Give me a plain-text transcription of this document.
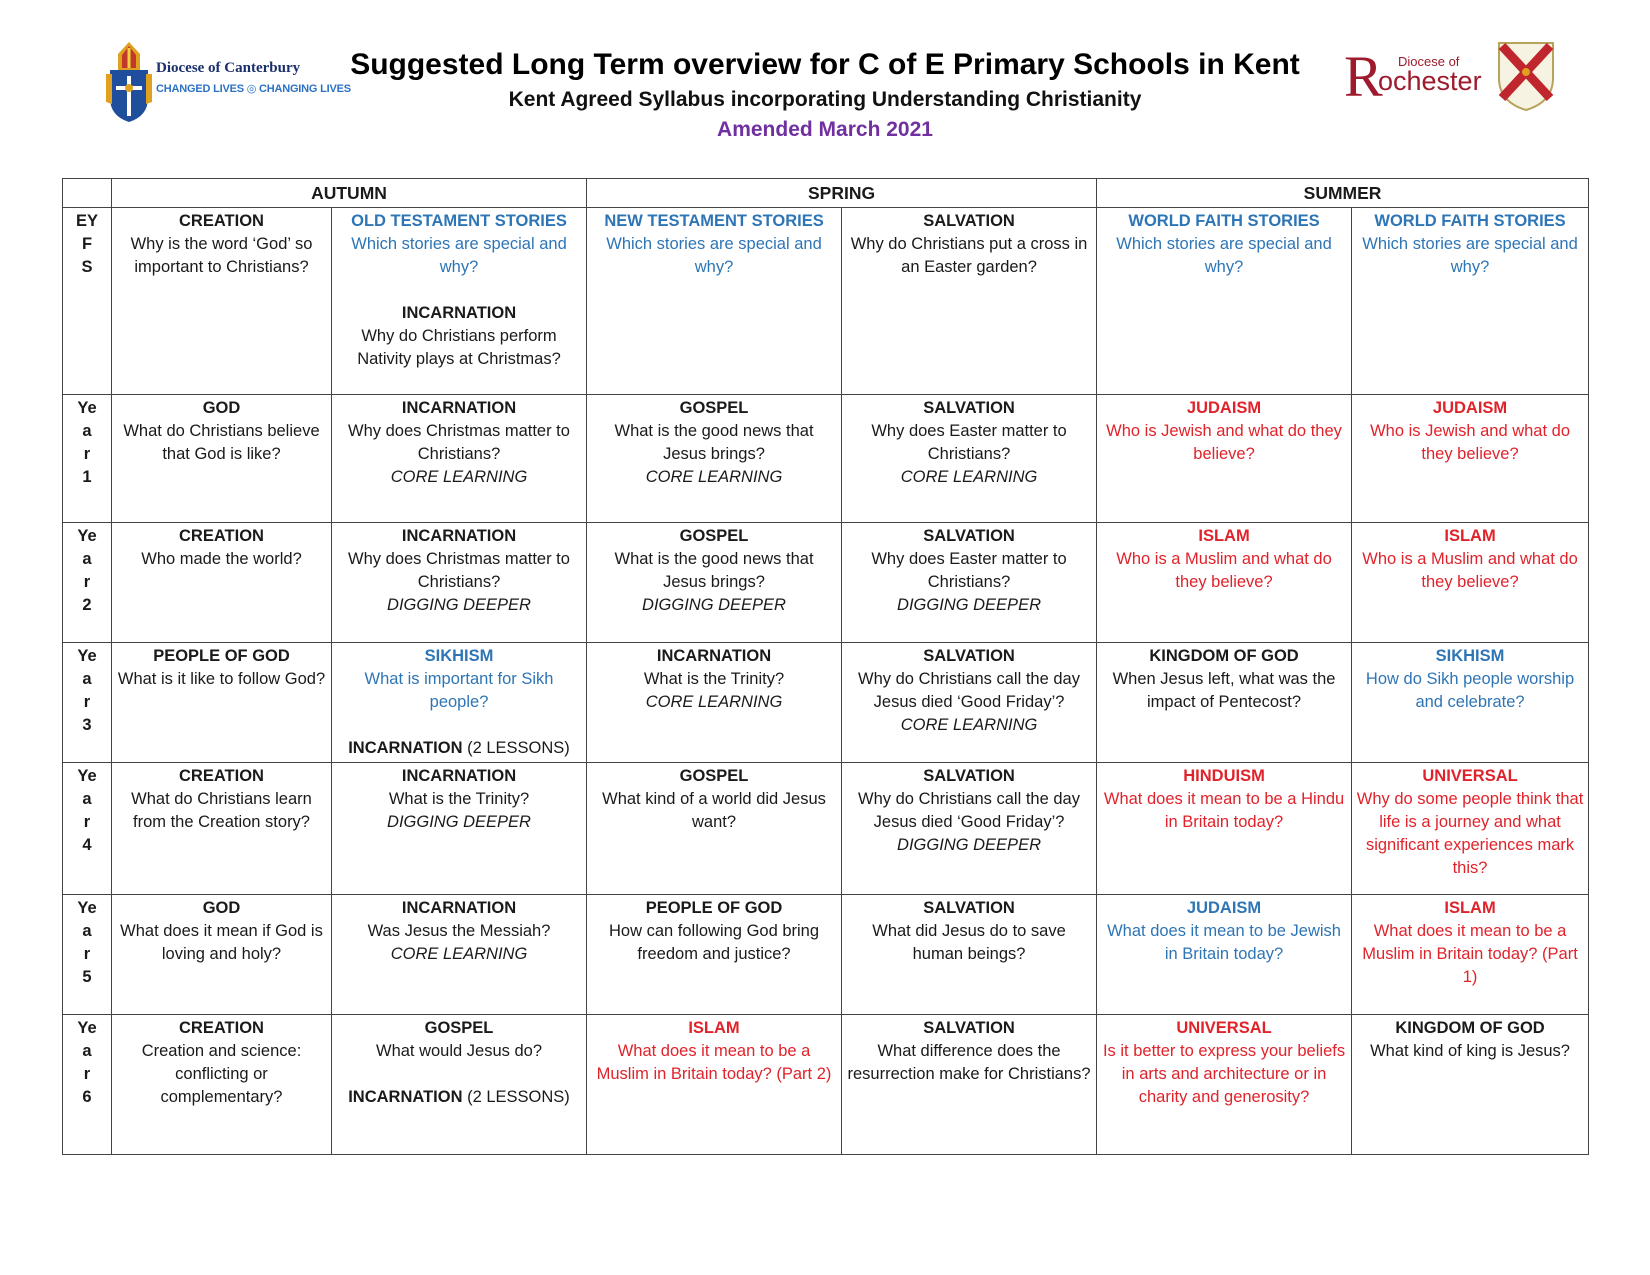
Diocese of Canterbury
CHANGED LIVES ◎ CHANGING LIVES
Suggested Long Term overview for C of E Primary Schools in Kent
Kent Agreed Syllabus incorporating Understanding Christianity
Amended March 2021
R Diocese of
ochester
	AUTUMN		SPRING		SUMMER	

EY
F
S	CREATION
Why is the word ‘God’ so important to Christians?	OLD TESTAMENT STORIES
Which stories are special and why?
INCARNATION
Why do Christians perform Nativity plays at Christmas?	NEW TESTAMENT STORIES
Which stories are special and why?	SALVATION
Why do Christians put a cross in an Easter garden?	WORLD FAITH STORIES
Which stories are special and why?	WORLD FAITH STORIES
Which stories are special and why?

Ye
a
r
1	GOD
What do Christians believe that God is like?	INCARNATION
Why does Christmas matter to Christians?
CORE LEARNING	GOSPEL
What is the good news that Jesus brings?
CORE LEARNING	SALVATION
Why does Easter matter to Christians?
CORE LEARNING	JUDAISM
Who is Jewish and what do they believe?	JUDAISM
Who is Jewish and what do they believe?

Ye
a
r
2	CREATION
Who made the world?	INCARNATION
Why does Christmas matter to Christians?
DIGGING DEEPER	GOSPEL
What is the good news that Jesus brings?
DIGGING DEEPER	SALVATION
Why does Easter matter to Christians?
DIGGING DEEPER	ISLAM
Who is a Muslim and what do they believe?	ISLAM
Who is a Muslim and what do they believe?

Ye
a
r
3	PEOPLE OF GOD
What is it like to follow God?	SIKHISM
What is important for Sikh people?
INCARNATION (2 LESSONS)	INCARNATION
What is the Trinity?
CORE LEARNING	SALVATION
Why do Christians call the day Jesus died ‘Good Friday’?
CORE LEARNING	KINGDOM OF GOD
When Jesus left, what was the impact of Pentecost?	SIKHISM
How do Sikh people worship and celebrate?

Ye
a
r
4	CREATION
What do Christians learn from the Creation story?	INCARNATION
What is the Trinity?
DIGGING DEEPER	GOSPEL
What kind of a world did Jesus want?	SALVATION
Why do Christians call the day Jesus died ‘Good Friday’?
DIGGING DEEPER	HINDUISM
What does it mean to be a Hindu in Britain today?	UNIVERSAL
Why do some people think that life is a journey and what significant experiences mark this?

Ye
a
r
5	GOD
What does it mean if God is loving and holy?	INCARNATION
Was Jesus the Messiah?
CORE LEARNING	PEOPLE OF GOD
How can following God bring freedom and justice?	SALVATION
What did Jesus do to save human beings?	JUDAISM
What does it mean to be Jewish in Britain today?	ISLAM
What does it mean to be a Muslim in Britain today? (Part 1)

Ye
a
r
6	CREATION
Creation and science: conflicting or complementary?	GOSPEL
What would Jesus do?
INCARNATION (2 LESSONS)	ISLAM
What does it mean to be a Muslim in Britain today? (Part 2)	SALVATION
What difference does the resurrection make for Christians?	UNIVERSAL
Is it better to express your beliefs in arts and architecture or in charity and generosity?	KINGDOM OF GOD
What kind of king is Jesus?
